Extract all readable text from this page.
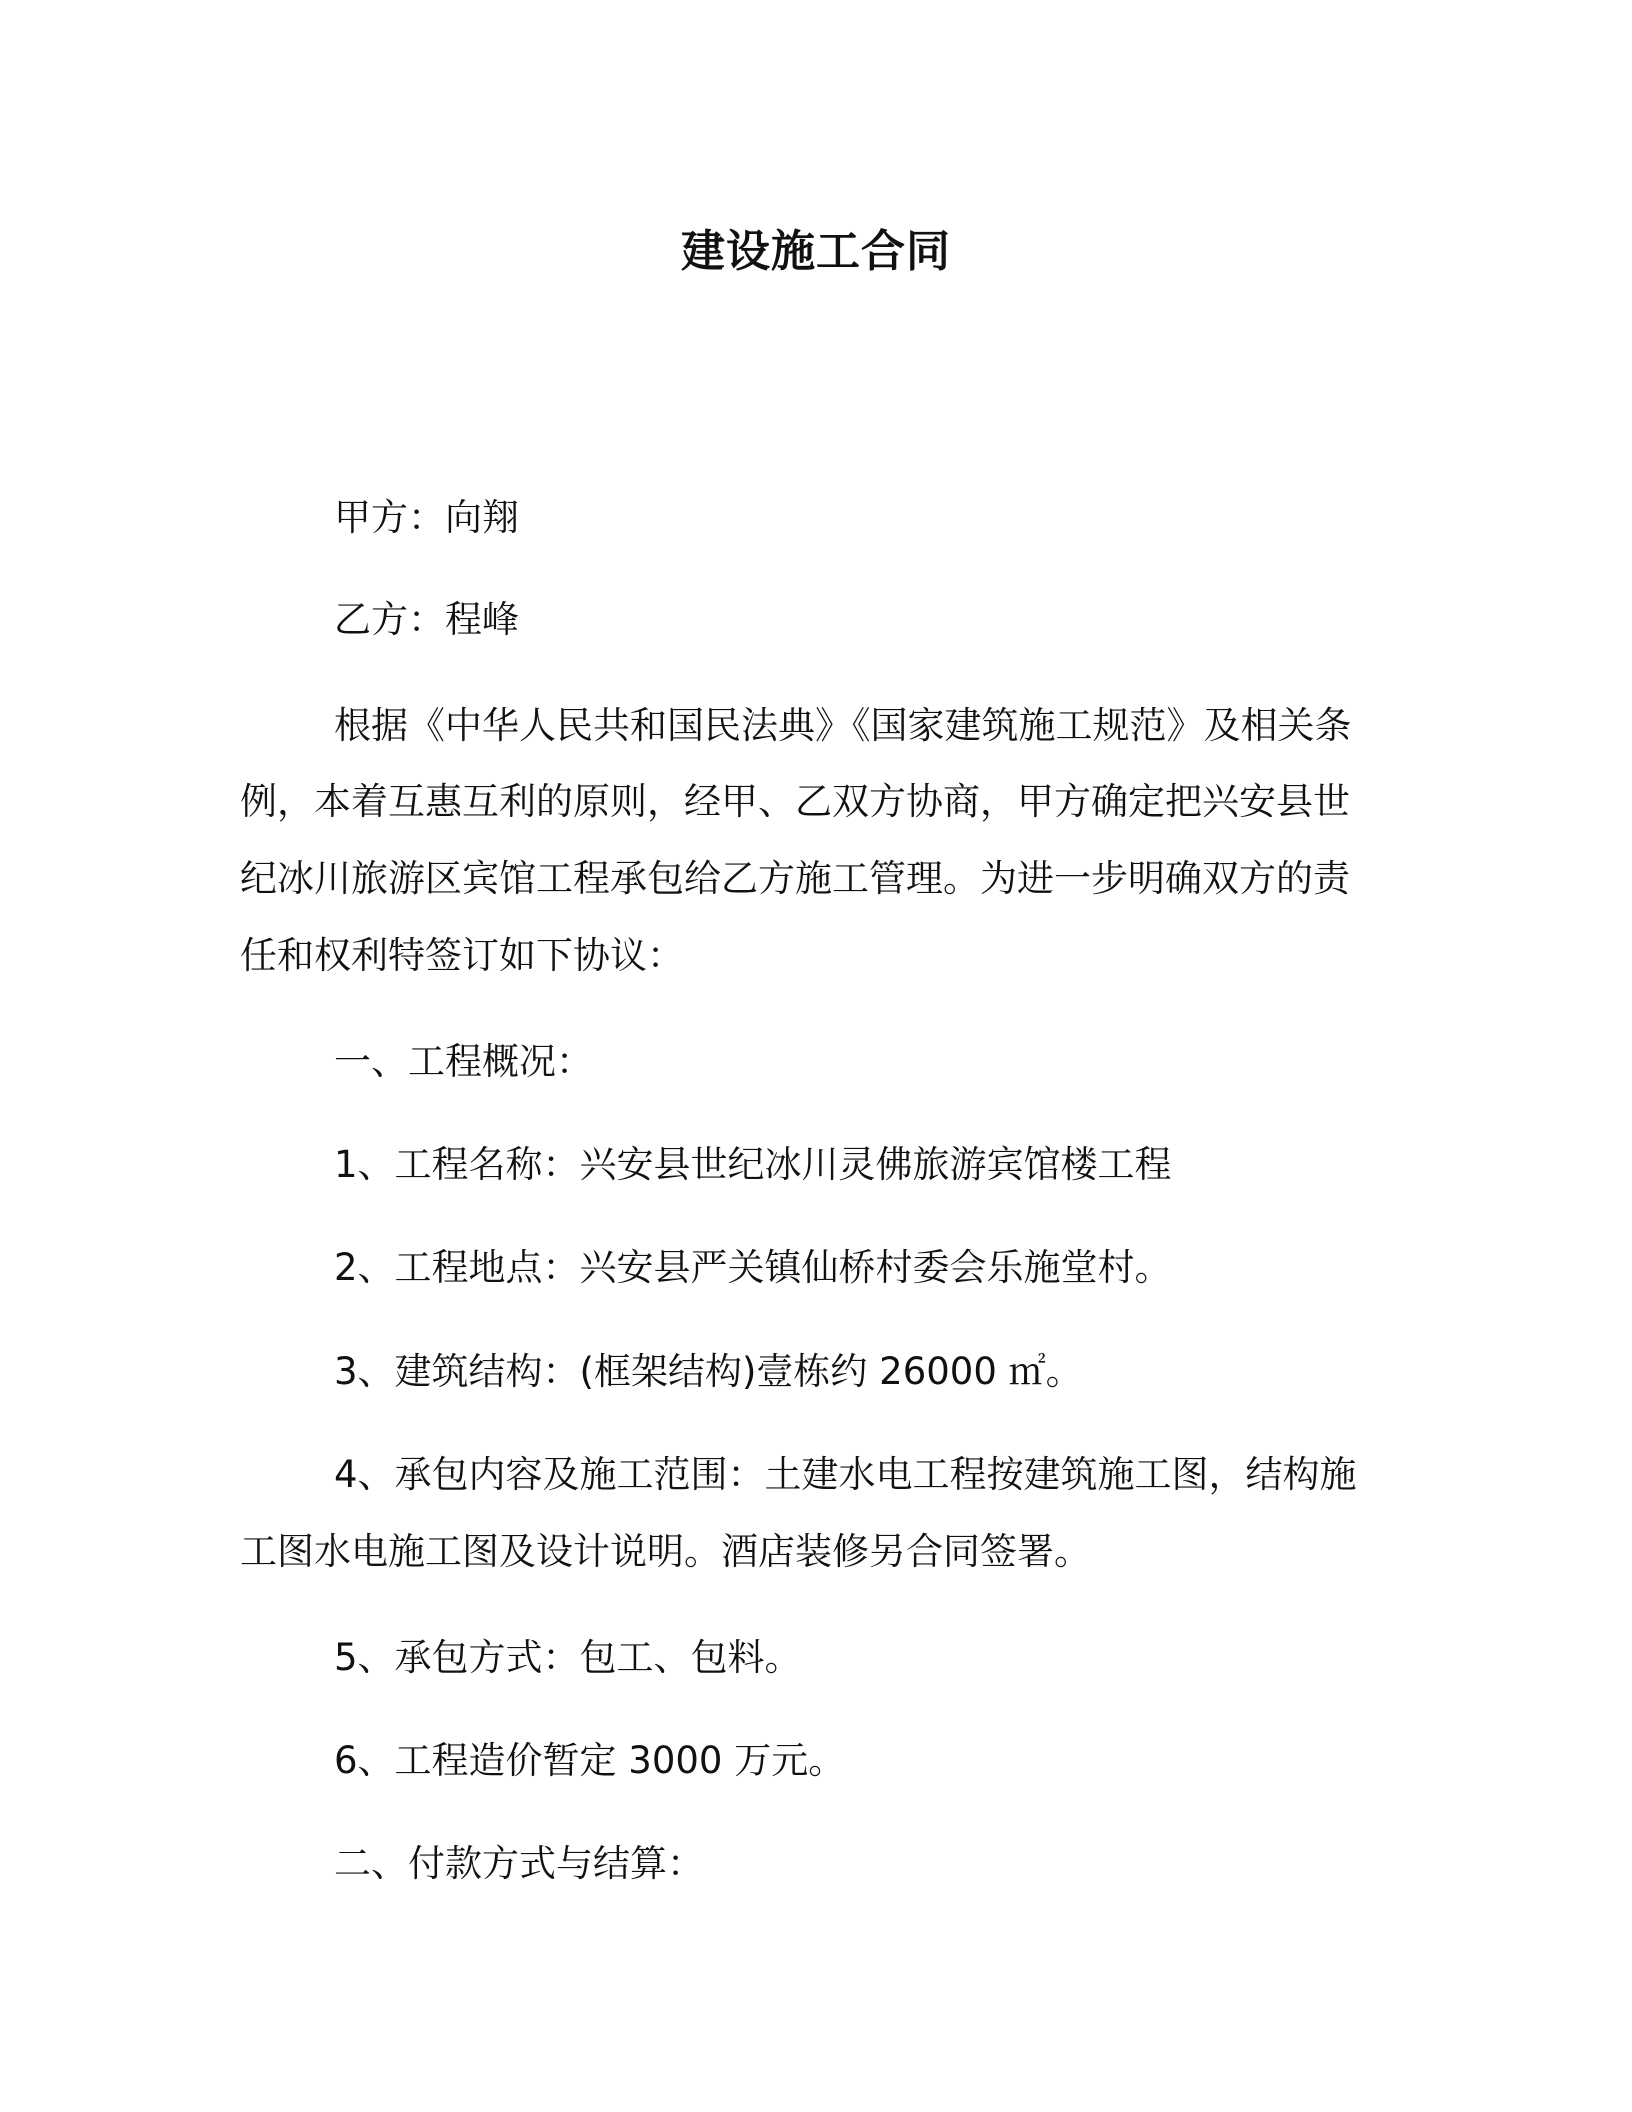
建设施工合同
甲方：向翔
乙方：程峰
根据《中华人民共和国民法典》《国家建筑施工规范》及相关条
例，本着互惠互利的原则，经甲、乙双方协商，甲方确定把兴安县世
纪冰川旅游区宾馆工程承包给乙方施工管理。为进一步明确双方的责
任和权利特签订如下协议：
一、工程概况：
1、工程名称：兴安县世纪冰川灵佛旅游宾馆楼工程
2、工程地点：兴安县严关镇仙桥村委会乐施堂村。
3、建筑结构：(框架结构)壹栋约 26000 ㎡。
4、承包内容及施工范围：土建水电工程按建筑施工图，结构施
工图水电施工图及设计说明。酒店装修另合同签署。
5、承包方式：包工、包料。
6、工程造价暂定 3000 万元。
二、付款方式与结算：
